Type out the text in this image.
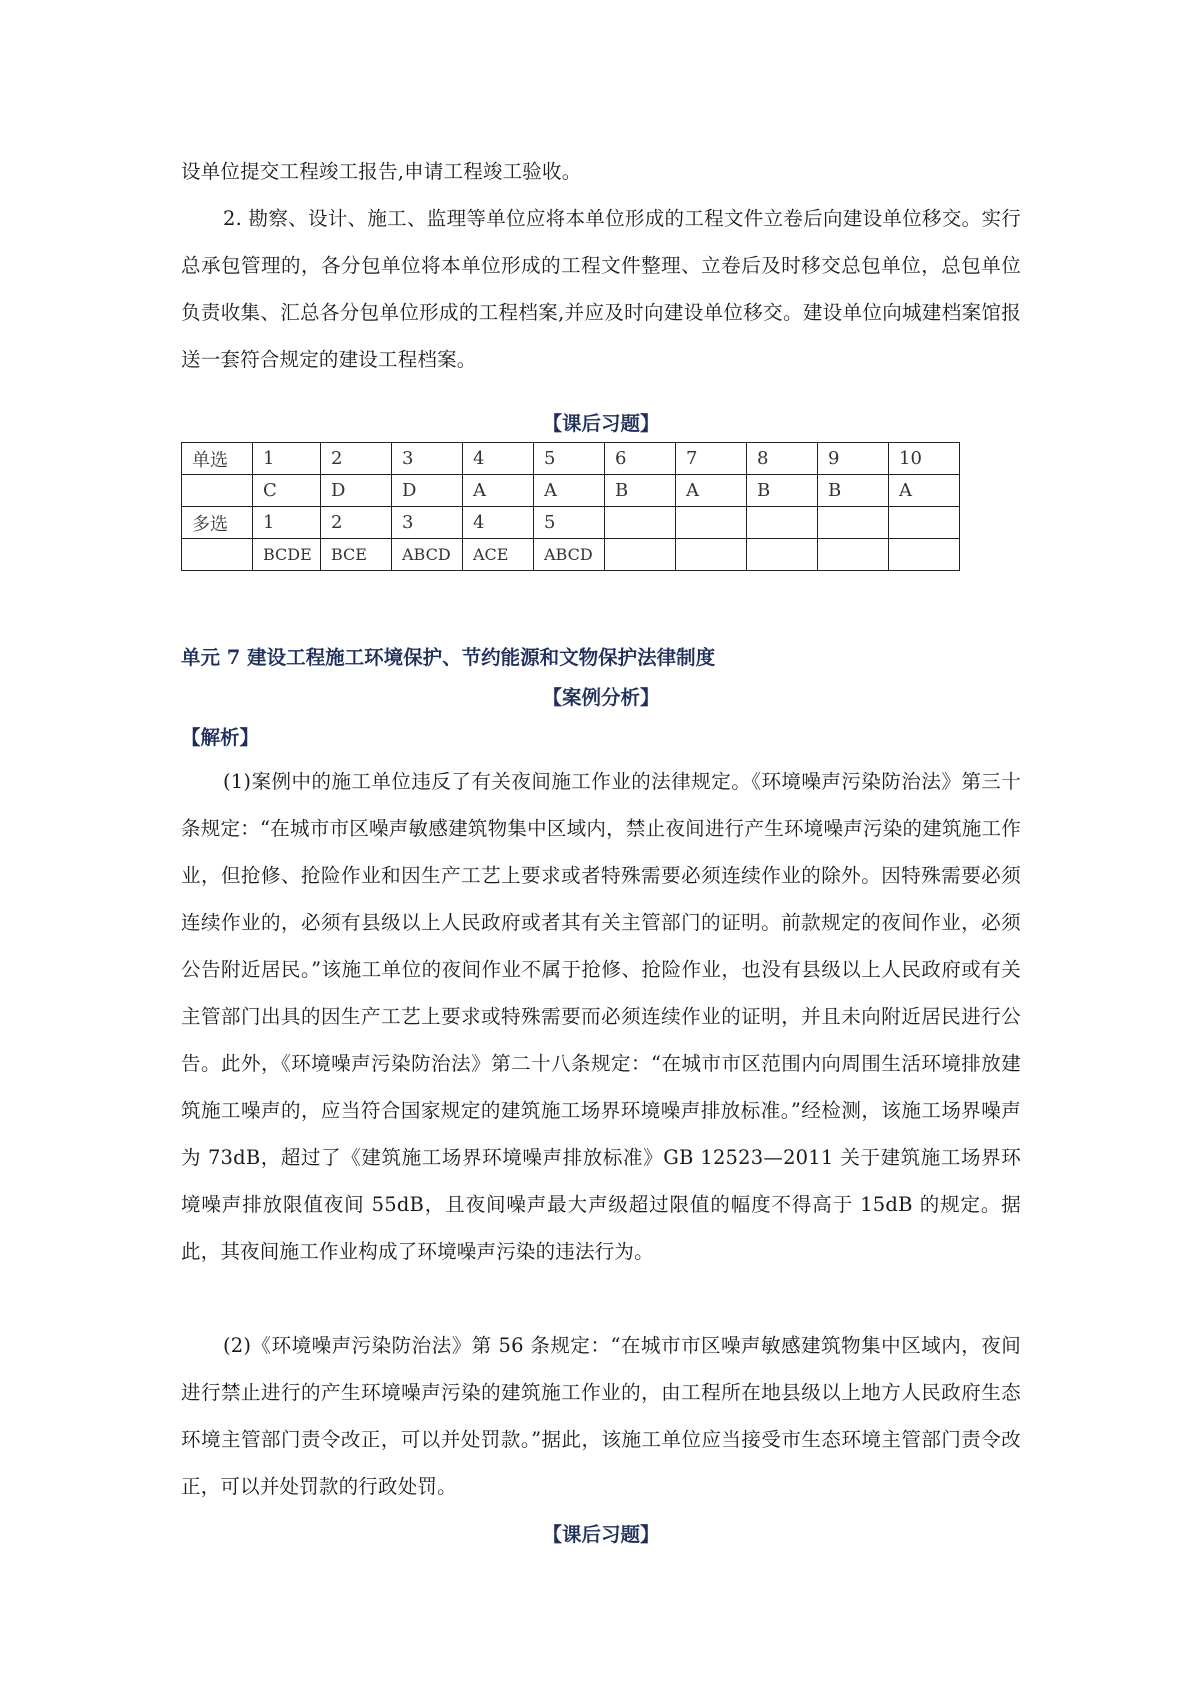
设单位提交工程竣工报告,申请工程竣工验收。

2. 勘察、设计、施工、监理等单位应将本单位形成的工程文件立卷后向建设单位移交。实行总承包管理的，各分包单位将本单位形成的工程文件整理、立卷后及时移交总包单位，总包单位负责收集、汇总各分包单位形成的工程档案,并应及时向建设单位移交。建设单位向城建档案馆报送一套符合规定的建设工程档案。

【课后习题】
单选	1	2	3	4	5	6	7	8	9	10
	C	D	D	A	A	B	A	B	B	A
多选	1	2	3	4	5					
	BCDE	BCE	ABCD	ACE	ABCD					
单元 7 建设工程施工环境保护、节约能源和文物保护法律制度
【案例分析】
【解析】

(1)案例中的施工单位违反了有关夜间施工作业的法律规定。《环境噪声污染防治法》第三十条规定：“在城市市区噪声敏感建筑物集中区域内，禁止夜间进行产生环境噪声污染的建筑施工作业，但抢修、抢险作业和因生产工艺上要求或者特殊需要必须连续作业的除外。因特殊需要必须连续作业的，必须有县级以上人民政府或者其有关主管部门的证明。前款规定的夜间作业，必须公告附近居民。”该施工单位的夜间作业不属于抢修、抢险作业，也没有县级以上人民政府或有关主管部门出具的因生产工艺上要求或特殊需要而必须连续作业的证明，并且未向附近居民进行公告。此外，《环境噪声污染防治法》第二十八条规定：“在城市市区范围内向周围生活环境排放建筑施工噪声的，应当符合国家规定的建筑施工场界环境噪声排放标准。”经检测，该施工场界噪声为 73dB，超过了《建筑施工场界环境噪声排放标准》GB 12523—2011 关于建筑施工场界环境噪声排放限值夜间 55dB，且夜间噪声最大声级超过限值的幅度不得高于 15dB 的规定。据此，其夜间施工作业构成了环境噪声污染的违法行为。

(2)《环境噪声污染防治法》第 56 条规定：“在城市市区噪声敏感建筑物集中区域内，夜间进行禁止进行的产生环境噪声污染的建筑施工作业的，由工程所在地县级以上地方人民政府生态环境主管部门责令改正，可以并处罚款。”据此，该施工单位应当接受市生态环境主管部门责令改正，可以并处罚款的行政处罚。

【课后习题】
